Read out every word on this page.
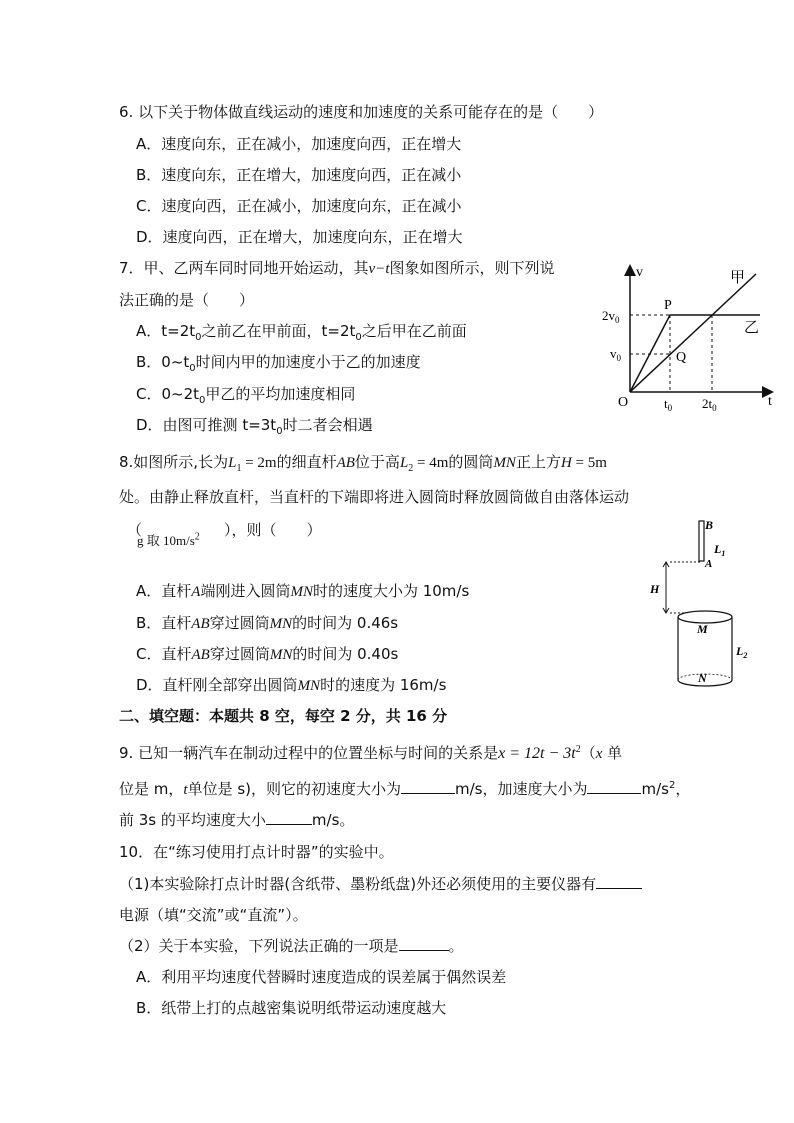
6. 以下关于物体做直线运动的速度和加速度的关系可能存在的是（　　）
A．速度向东，正在减小，加速度向西，正在增大
B．速度向东，正在增大，加速度向西，正在减小
C．速度向西，正在减小，加速度向东，正在减小
D．速度向西，正在增大，加速度向东，正在增大
7．甲、乙两车同时同地开始运动，其v−t图象如图所示，则下列说
法正确的是（　　）
A．$t=2t_0$之前乙在甲前面，$t=2t_0$之后甲在乙前面
B．$0\sim t_0$时间内甲的加速度小于乙的加速度
C．$0\sim 2t_0$甲乙的平均加速度相同
D．由图可推测 $t=3t_0$时二者会相遇
v
t
O
P
Q
甲
乙
$2v_0$
$v_0$
$t_0$ $2t_0$
8.如图所示,长为$L_1 = 2m$的细直杆AB位于高$L_2 = 4m$的圆筒MN正上方H = 5m
处。由静止释放直杆，当直杆的下端即将进入圆筒时释放圆筒做自由落体运动
（
g 取 $10m/s^2$ ），则（　　）
A．直杆A端刚进入圆筒MN时的速度大小为 10m/s
B．直杆AB穿过圆筒MN的时间为 0.46s
C．直杆AB穿过圆筒MN的时间为 0.40s
D．直杆刚全部穿出圆筒MN时的速度为 16m/s
B
A
$L_1$
H
M
N
$L_2$
二、填空题：本题共 8 空，每空 2 分，共 16 分
9. 已知一辆汽车在制动过程中的位置坐标与时间的关系是$x = 12t - 3t^2(x$ 单
位是 m，t单位是 s)，则它的初速度大小为	m/s，加速度大小为	$m/s^2$，
前 3s 的平均速度大小	m/s。
10．在“练习使用打点计时器”的实验中。
（1)本实验除打点计时器(含纸带、墨粉纸盘)外还必须使用的主要仪器有
电源（填“交流”或“直流”）。
（2）关于本实验，下列说法正确的一项是	。
A．利用平均速度代替瞬时速度造成的误差属于偶然误差
B．纸带上打的点越密集说明纸带运动速度越大
